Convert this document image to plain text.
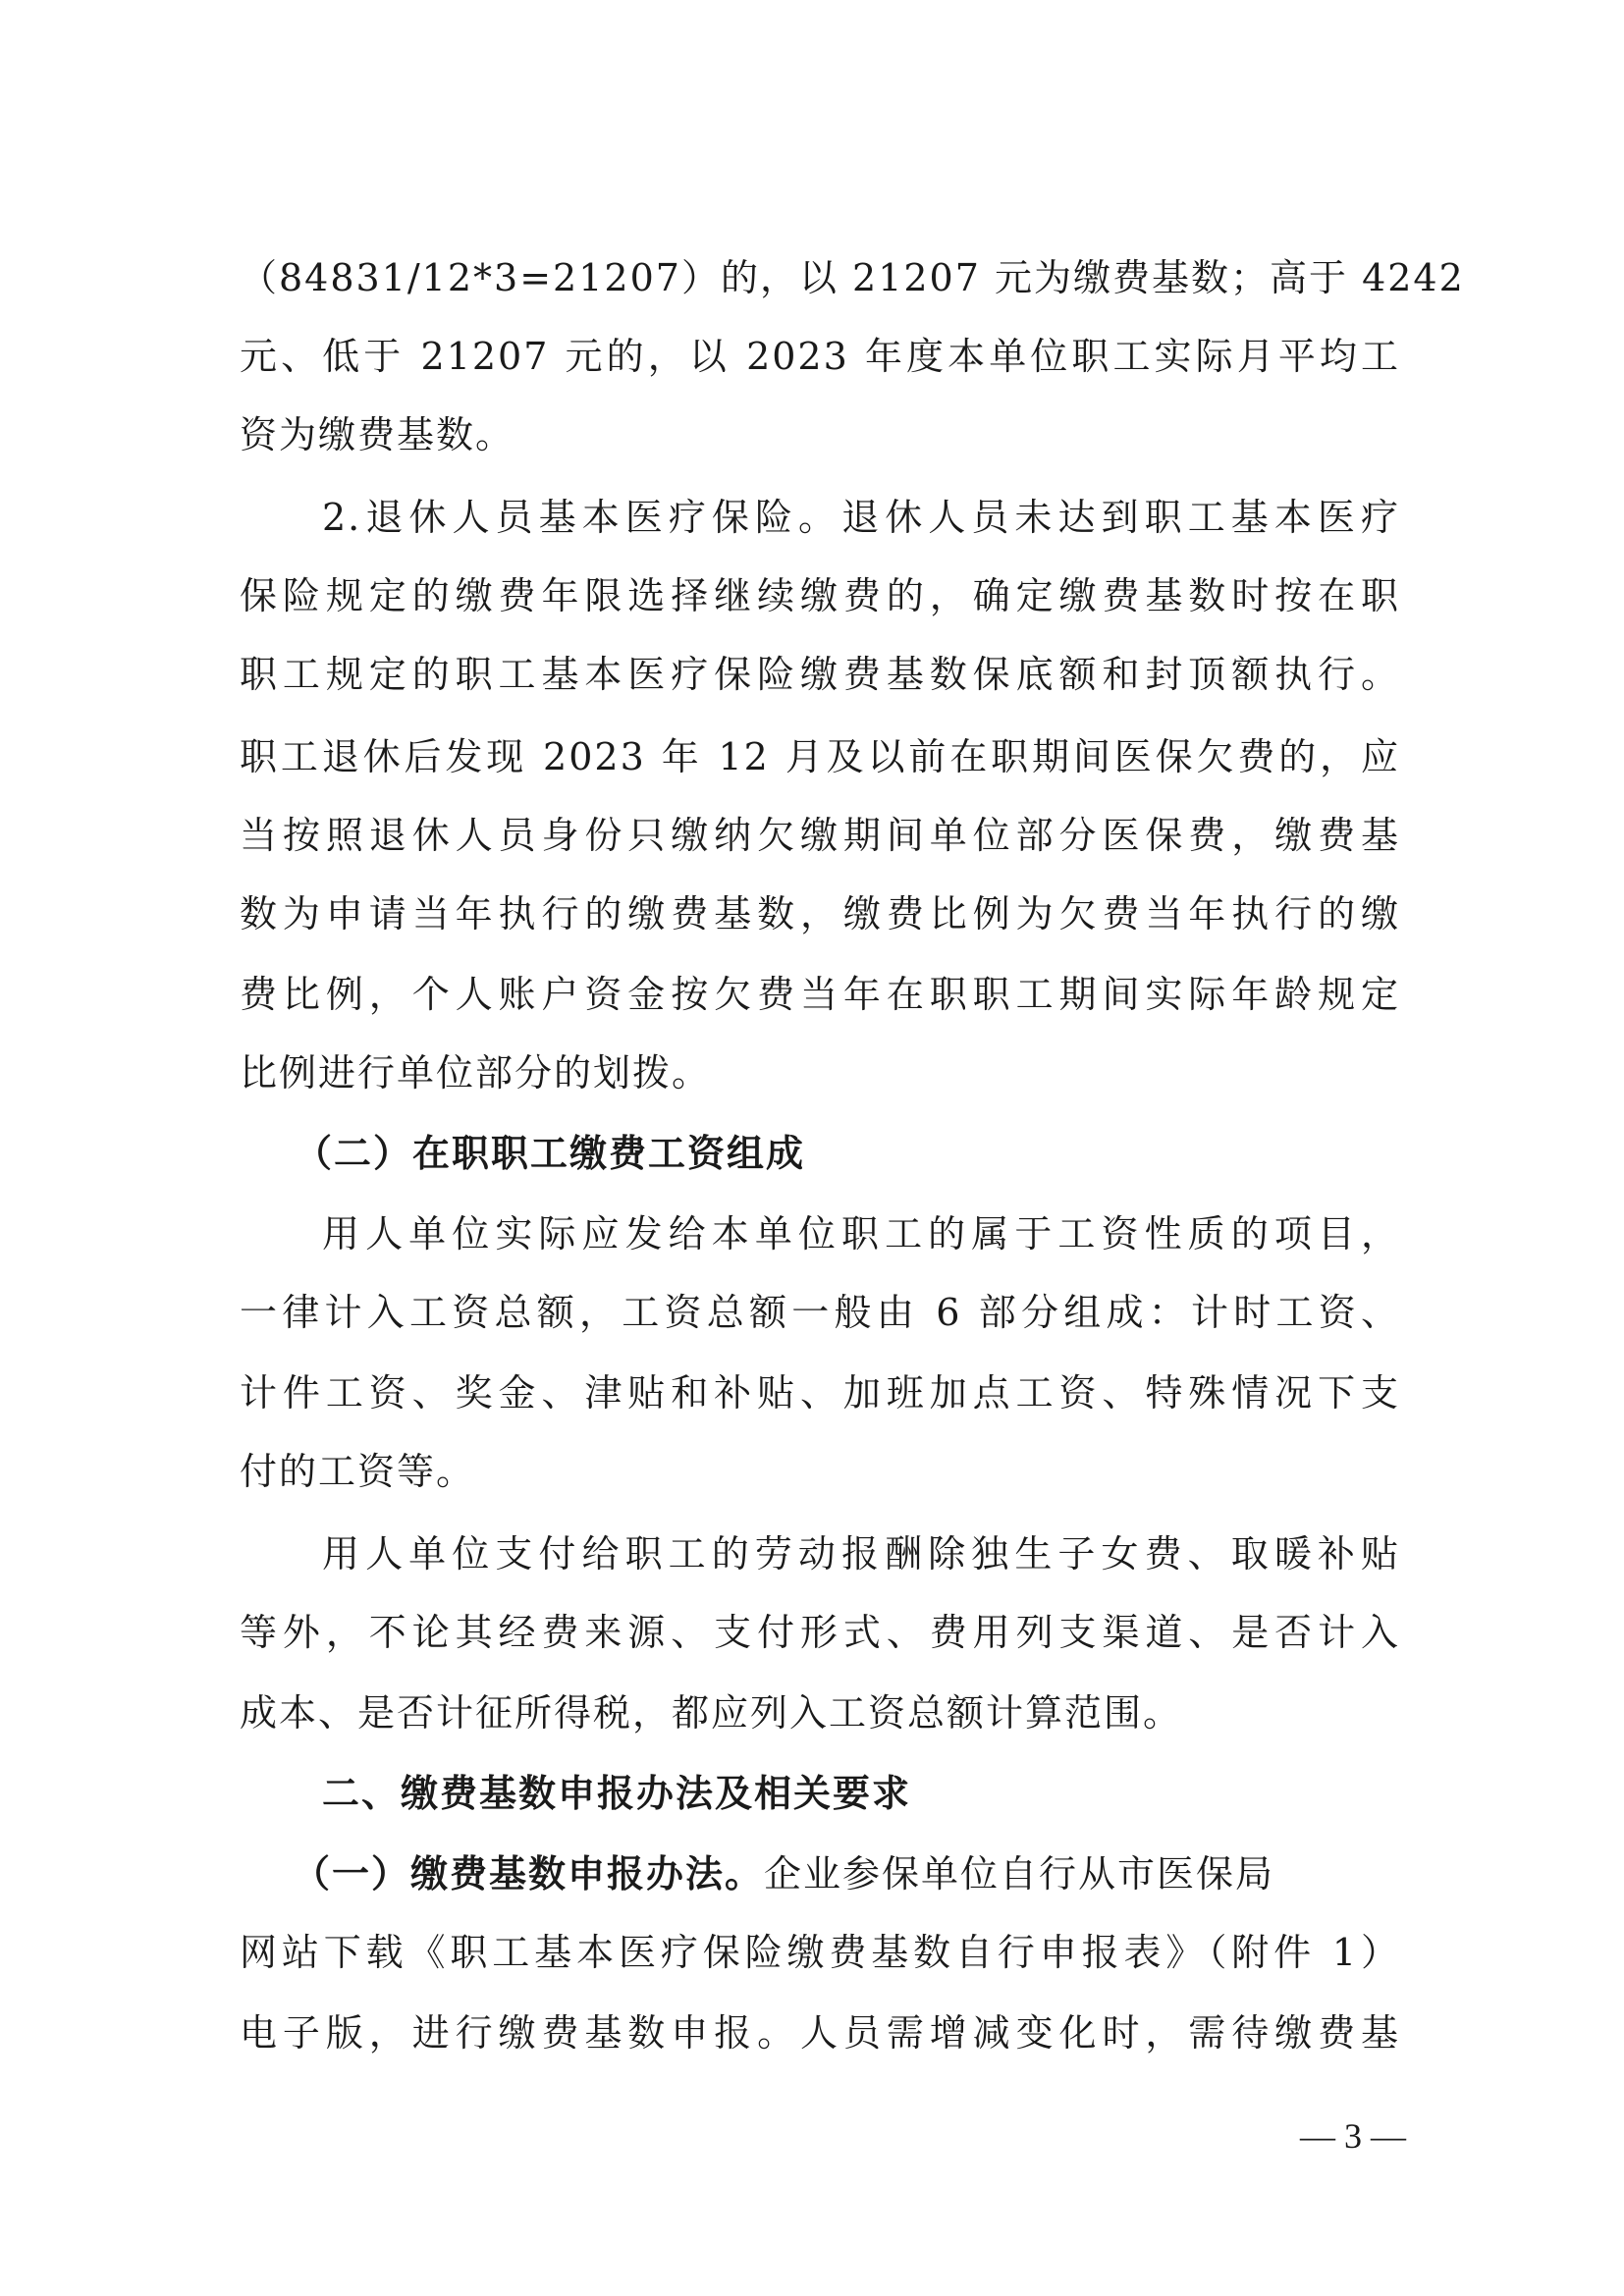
（84831/12*3=21207）的，以 21207 元为缴费基数；高于 4242
元、低于 21207 元的，以 2023 年度本单位职工实际月平均工
资为缴费基数。
2.退休人员基本医疗保险。退休人员未达到职工基本医疗
保险规定的缴费年限选择继续缴费的，确定缴费基数时按在职
职工规定的职工基本医疗保险缴费基数保底额和封顶额执行。
职工退休后发现 2023 年 12 月及以前在职期间医保欠费的，应
当按照退休人员身份只缴纳欠缴期间单位部分医保费，缴费基
数为申请当年执行的缴费基数，缴费比例为欠费当年执行的缴
费比例，个人账户资金按欠费当年在职职工期间实际年龄规定
比例进行单位部分的划拨。
（二）在职职工缴费工资组成
用人单位实际应发给本单位职工的属于工资性质的项目，
一律计入工资总额，工资总额一般由 6 部分组成：计时工资、
计件工资、奖金、津贴和补贴、加班加点工资、特殊情况下支
付的工资等。
用人单位支付给职工的劳动报酬除独生子女费、取暖补贴
等外，不论其经费来源、支付形式、费用列支渠道、是否计入
成本、是否计征所得税，都应列入工资总额计算范围。
二、缴费基数申报办法及相关要求
（一）缴费基数申报办法。企业参保单位自行从市医保局
网站下载《职工基本医疗保险缴费基数自行申报表》（附件 1）
电子版，进行缴费基数申报。人员需增减变化时，需待缴费基
— 3 —
